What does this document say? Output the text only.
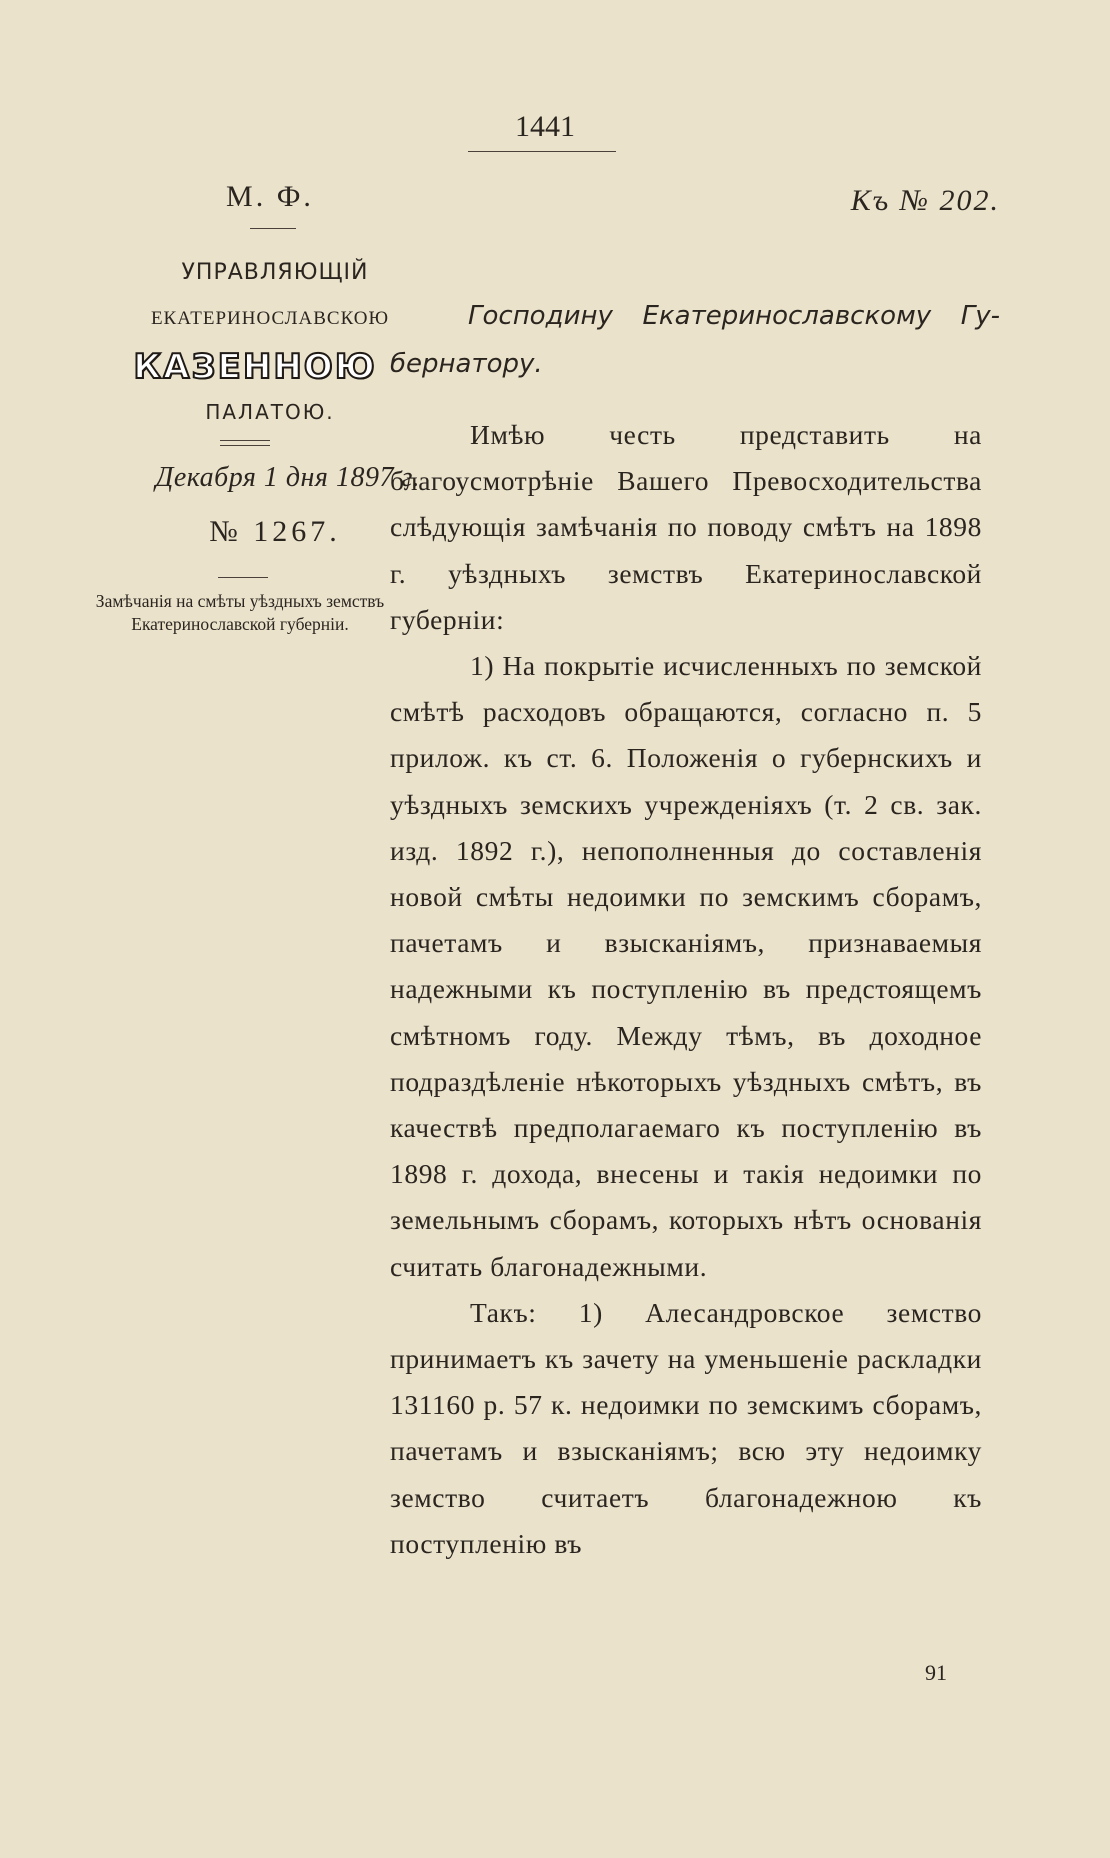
1441
М. Ф.
УПРАВЛЯЮЩІЙ
ЕКАТЕРИНОСЛАВСКОЮ
КАЗЕННОЮ
ПАЛАТОЮ.
Декабря 1 дня 1897 г.
№ 1267.
Замѣчанія на смѣты уѣздныхъ земствъ Екатеринославской губерніи.
Къ № 202.
Господину Екатеринославскому Гу-
бернатору.

Имѣю честь представить на благоусмотрѣніе Вашего Превосходительства слѣдующія замѣчанія по поводу смѣтъ на 1898 г. уѣздныхъ земствъ Екатеринославской губерніи:

1) На покрытіе исчисленныхъ по земской смѣтѣ расходовъ обращаются, согласно п. 5 прилож. къ ст. 6. Положенія о губернскихъ и уѣздныхъ земскихъ учрежденіяхъ (т. 2 св. зак. изд. 1892 г.), непополненныя до составленія новой смѣты недоимки по земскимъ сборамъ, пачетамъ и взысканіямъ, признаваемыя надежными къ поступленію въ предстоящемъ смѣтномъ году. Между тѣмъ, въ доходное подраздѣленіе нѣкоторыхъ уѣздныхъ смѣтъ, въ качествѣ предполагаемаго къ поступленію въ 1898 г. дохода, внесены и такія недоимки по земельнымъ сборамъ, которыхъ нѣтъ основанія считать благонадежными.

Такъ: 1) Алесандровское земство принимаетъ къ зачету на уменьшеніе раскладки 131160 р. 57 к. недоимки по земскимъ сборамъ, пачетамъ и взысканіямъ; всю эту недоимку земство считаетъ благонадежною къ поступленію въ

91
